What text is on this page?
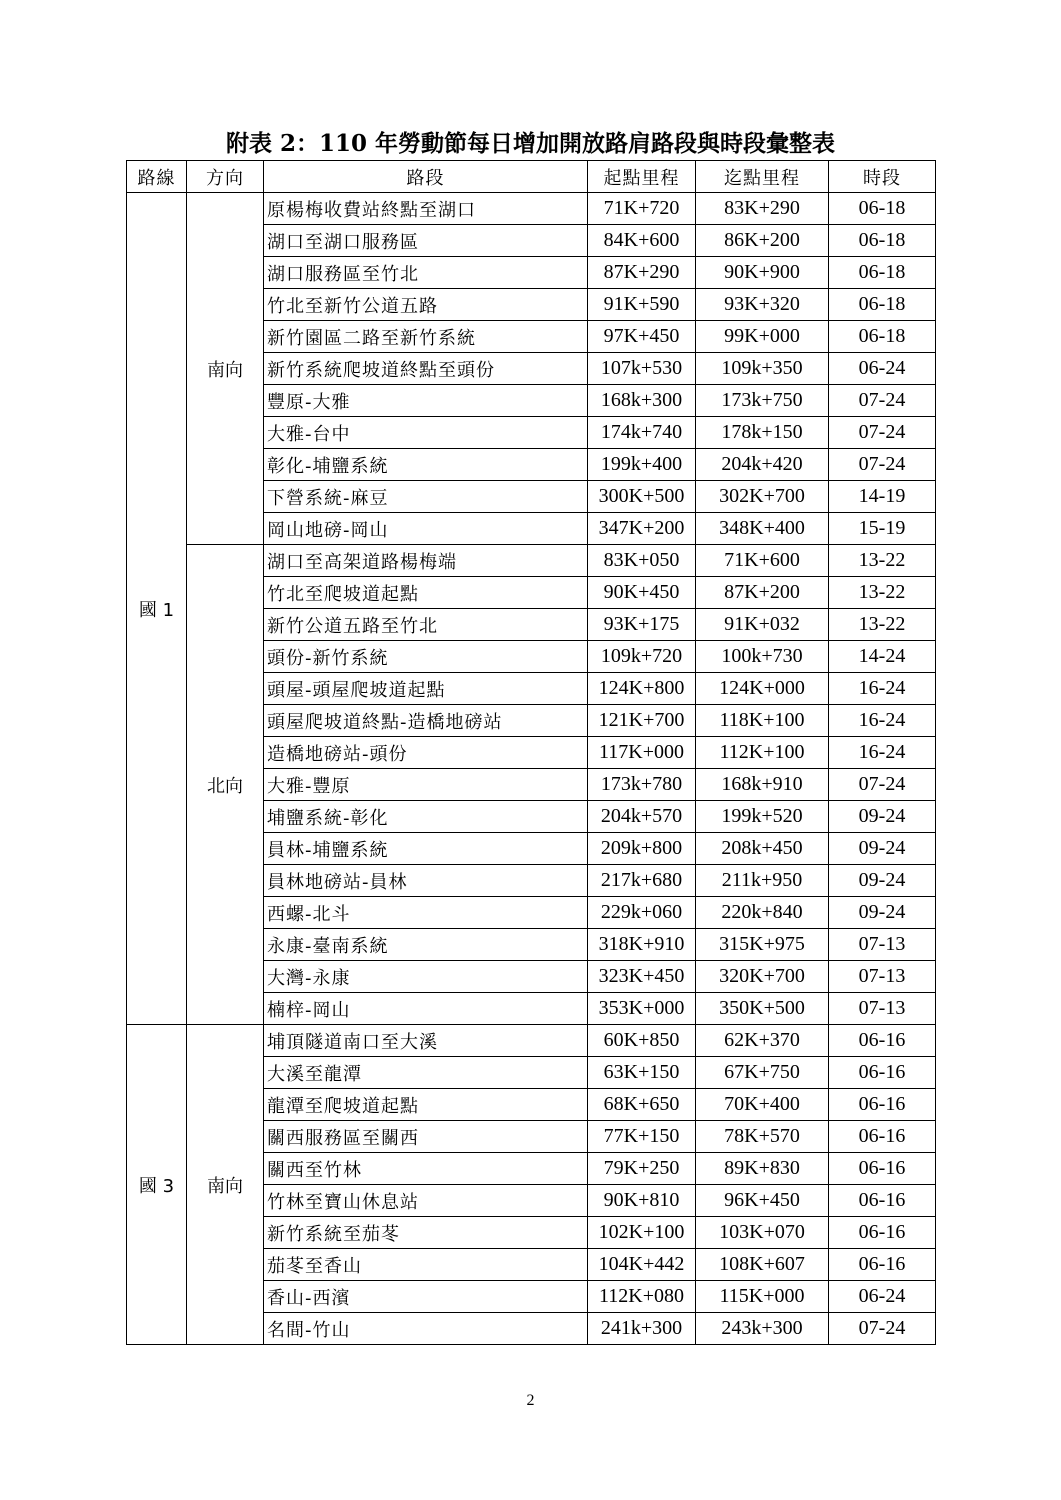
附表 2：110 年勞動節每日增加開放路肩路段與時段彙整表
路線	方向	路段	起點里程	迄點里程	時段
國 1	南向	原楊梅收費站終點至湖口	71K+720	83K+290	06-18
		湖口至湖口服務區	84K+600	86K+200	06-18
		湖口服務區至竹北	87K+290	90K+900	06-18
		竹北至新竹公道五路	91K+590	93K+320	06-18
		新竹園區二路至新竹系統	97K+450	99K+000	06-18
		新竹系統爬坡道終點至頭份	107k+530	109k+350	06-24
		豐原-大雅	168k+300	173k+750	07-24
		大雅-台中	174k+740	178k+150	07-24
		彰化-埔鹽系統	199k+400	204k+420	07-24
		下營系統-麻豆	300K+500	302K+700	14-19
		岡山地磅-岡山	347K+200	348K+400	15-19
	北向	湖口至高架道路楊梅端	83K+050	71K+600	13-22
		竹北至爬坡道起點	90K+450	87K+200	13-22
		新竹公道五路至竹北	93K+175	91K+032	13-22
		頭份-新竹系統	109k+720	100k+730	14-24
		頭屋-頭屋爬坡道起點	124K+800	124K+000	16-24
		頭屋爬坡道終點-造橋地磅站	121K+700	118K+100	16-24
		造橋地磅站-頭份	117K+000	112K+100	16-24
		大雅-豐原	173k+780	168k+910	07-24
		埔鹽系統-彰化	204k+570	199k+520	09-24
		員林-埔鹽系統	209k+800	208k+450	09-24
		員林地磅站-員林	217k+680	211k+950	09-24
		西螺-北斗	229k+060	220k+840	09-24
		永康-臺南系統	318K+910	315K+975	07-13
		大灣-永康	323K+450	320K+700	07-13
		楠梓-岡山	353K+000	350K+500	07-13
國 3	南向	埔頂隧道南口至大溪	60K+850	62K+370	06-16
		大溪至龍潭	63K+150	67K+750	06-16
		龍潭至爬坡道起點	68K+650	70K+400	06-16
		關西服務區至關西	77K+150	78K+570	06-16
		關西至竹林	79K+250	89K+830	06-16
		竹林至寶山休息站	90K+810	96K+450	06-16
		新竹系統至茄苳	102K+100	103K+070	06-16
		茄苳至香山	104K+442	108K+607	06-16
		香山-西濱	112K+080	115K+000	06-24
		名間-竹山	241k+300	243k+300	07-24
2
